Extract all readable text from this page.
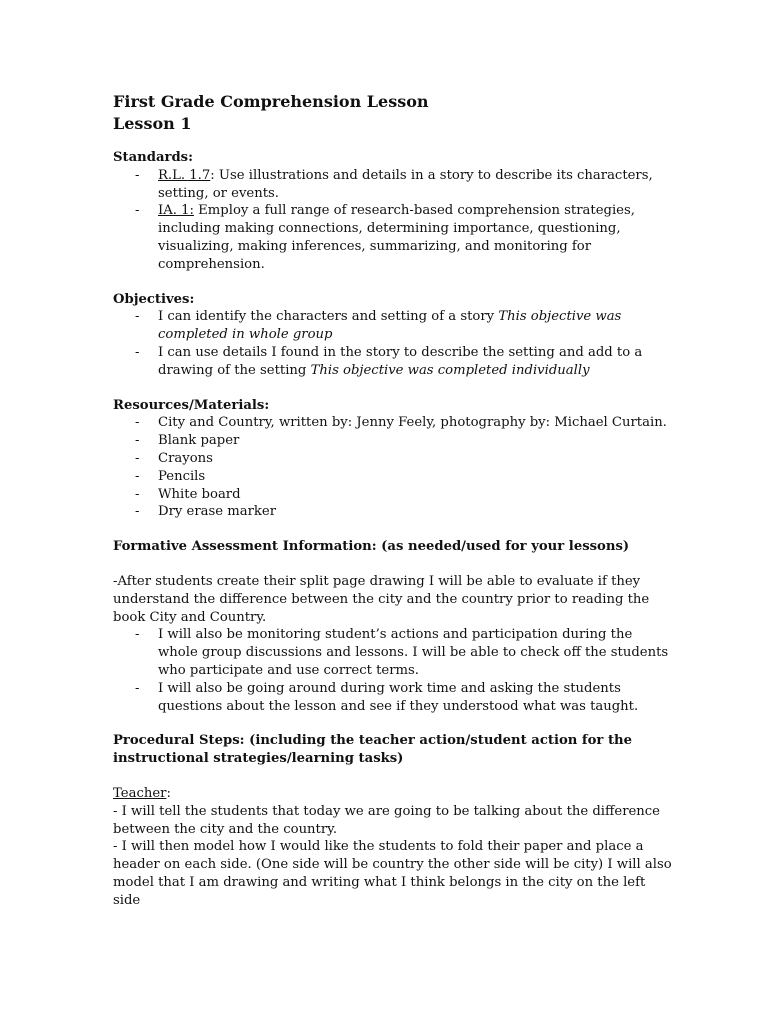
First Grade Comprehension Lesson

Lesson 1

Standards:

- R.L. 1.7: Use illustrations and details in a story to describe its characters, setting, or events.
- IA. 1: Employ a full range of research-based comprehension strategies, including making connections, determining importance, questioning, visualizing, making inferences, summarizing, and monitoring for comprehension.

Objectives:

- I can identify the characters and setting of a story This objective was completed in whole group
- I can use details I found in the story to describe the setting and add to a drawing of the setting This objective was completed individually

Resources/Materials:

- City and Country, written by: Jenny Feely, photography by: Michael Curtain.
- Blank paper
- Crayons
- Pencils
- White board
- Dry erase marker

Formative Assessment Information: (as needed/used for your lessons)

-After students create their split page drawing I will be able to evaluate if they understand the difference between the city and the country prior to reading the book City and Country.

- I will also be monitoring student’s actions and participation during the whole group discussions and lessons. I will be able to check off the students who participate and use correct terms.
- I will also be going around during work time and asking the students questions about the lesson and see if they understood what was taught.

Procedural Steps: (including the teacher action/student action for the instructional strategies/learning tasks)

Teacher:

- I will tell the students that today we are going to be talking about the difference between the city and the country.

- I will then model how I would like the students to fold their paper and place a header on each side. (One side will be country the other side will be city) I will also model that I am drawing and writing what I think belongs in the city on the left side
